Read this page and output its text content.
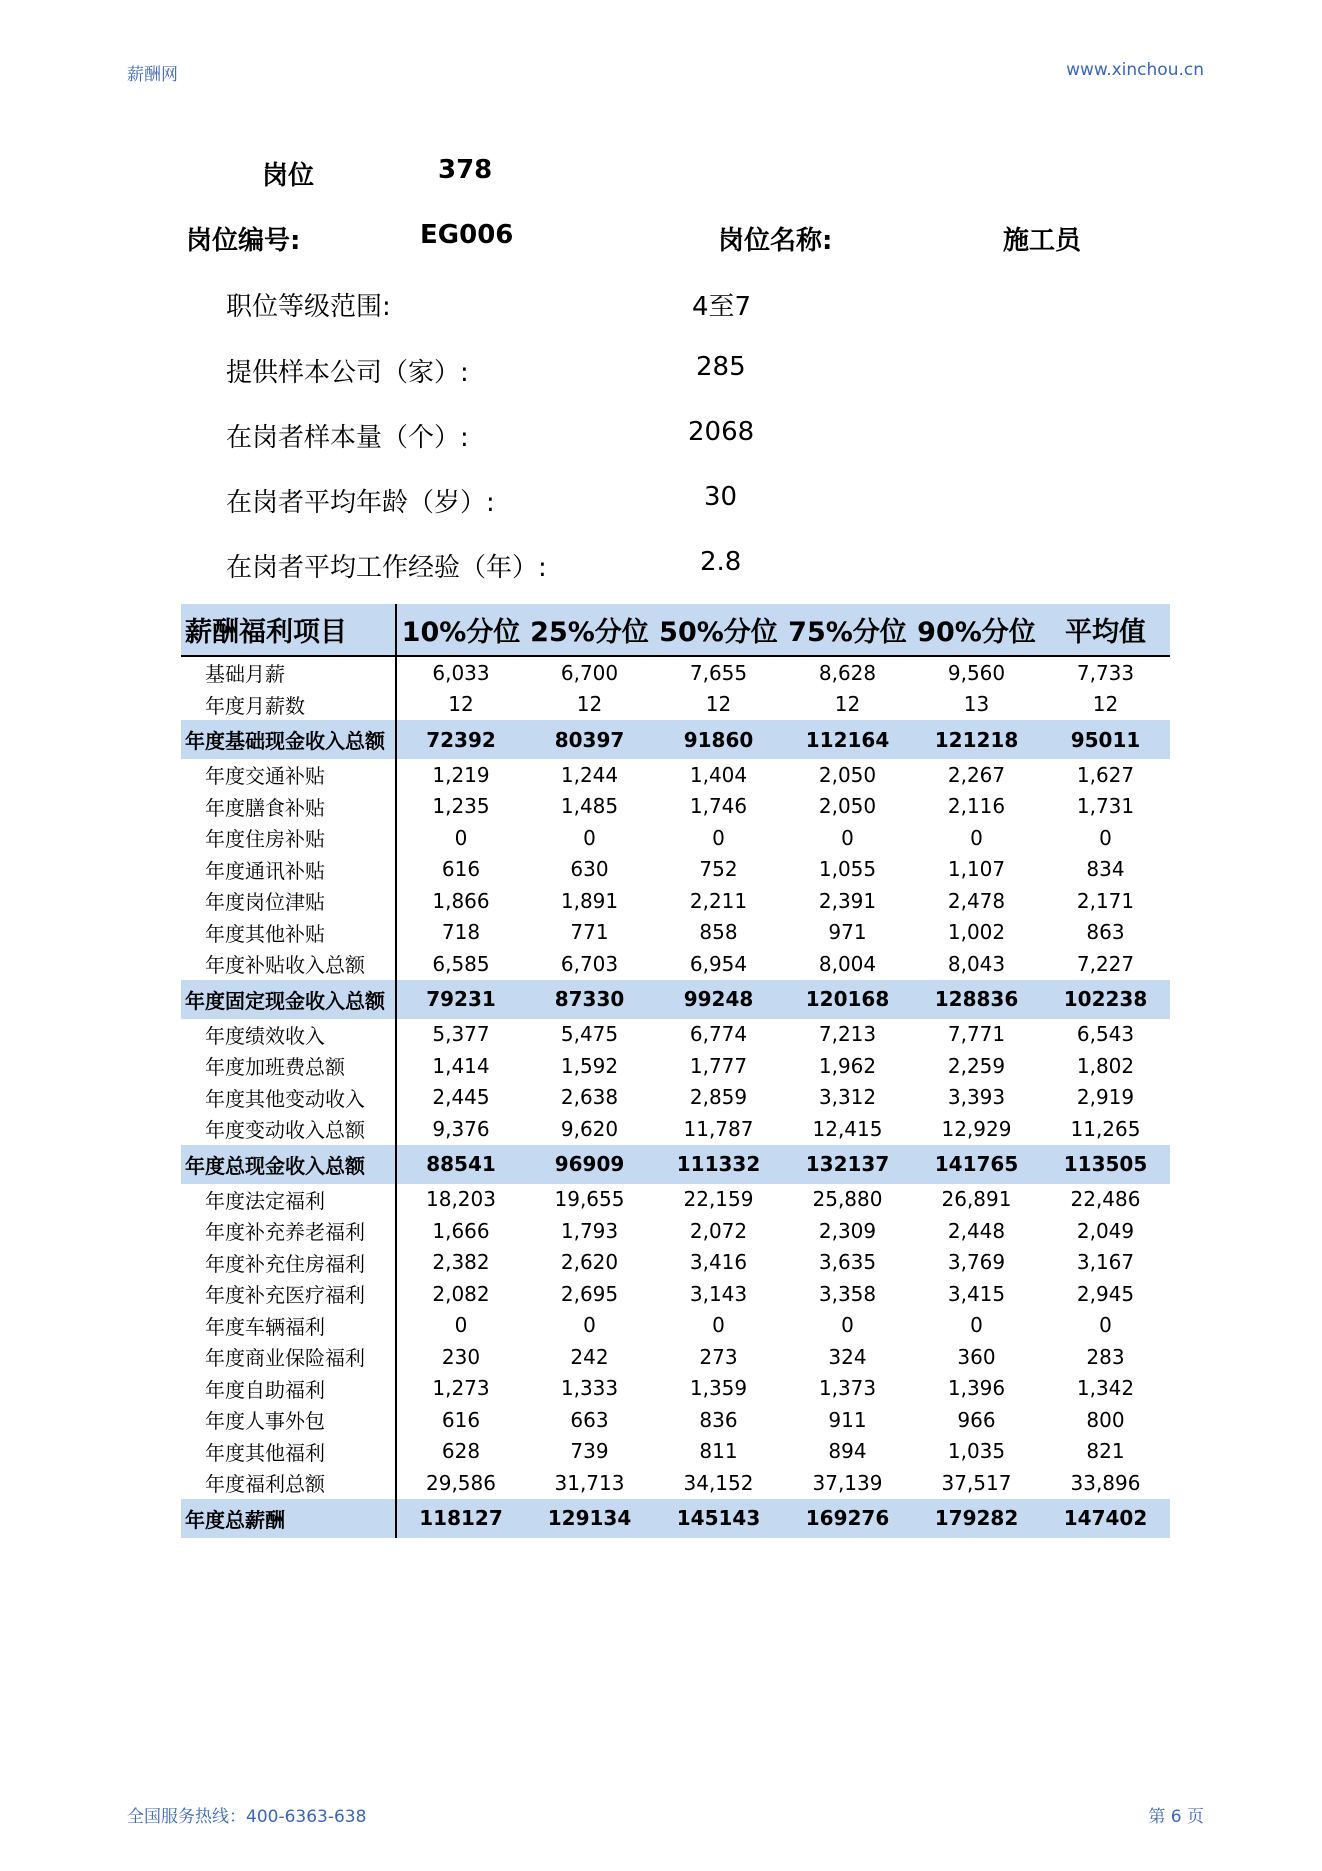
薪酬网	www.xinchou.cn
岗位	378
岗位编号:	EG006	岗位名称:	施工员
职位等级范围:	4至7
提供样本公司（家）:	285
在岗者样本量（个）:	2068
在岗者平均年龄（岁）:	30
在岗者平均工作经验（年）:	2.8
薪酬福利项目	10%分位	25%分位	50%分位	75%分位	90%分位	平均值
基础月薪	6,033	6,700	7,655	8,628	9,560	7,733
年度月薪数	12	12	12	12	13	12
年度基础现金收入总额	72392	80397	91860	112164	121218	95011
年度交通补贴	1,219	1,244	1,404	2,050	2,267	1,627
年度膳食补贴	1,235	1,485	1,746	2,050	2,116	1,731
年度住房补贴	0	0	0	0	0	0
年度通讯补贴	616	630	752	1,055	1,107	834
年度岗位津贴	1,866	1,891	2,211	2,391	2,478	2,171
年度其他补贴	718	771	858	971	1,002	863
年度补贴收入总额	6,585	6,703	6,954	8,004	8,043	7,227
年度固定现金收入总额	79231	87330	99248	120168	128836	102238
年度绩效收入	5,377	5,475	6,774	7,213	7,771	6,543
年度加班费总额	1,414	1,592	1,777	1,962	2,259	1,802
年度其他变动收入	2,445	2,638	2,859	3,312	3,393	2,919
年度变动收入总额	9,376	9,620	11,787	12,415	12,929	11,265
年度总现金收入总额	88541	96909	111332	132137	141765	113505
年度法定福利	18,203	19,655	22,159	25,880	26,891	22,486
年度补充养老福利	1,666	1,793	2,072	2,309	2,448	2,049
年度补充住房福利	2,382	2,620	3,416	3,635	3,769	3,167
年度补充医疗福利	2,082	2,695	3,143	3,358	3,415	2,945
年度车辆福利	0	0	0	0	0	0
年度商业保险福利	230	242	273	324	360	283
年度自助福利	1,273	1,333	1,359	1,373	1,396	1,342
年度人事外包	616	663	836	911	966	800
年度其他福利	628	739	811	894	1,035	821
年度福利总额	29,586	31,713	34,152	37,139	37,517	33,896
年度总薪酬	118127	129134	145143	169276	179282	147402
全国服务热线：400-6363-638	第 6 页
